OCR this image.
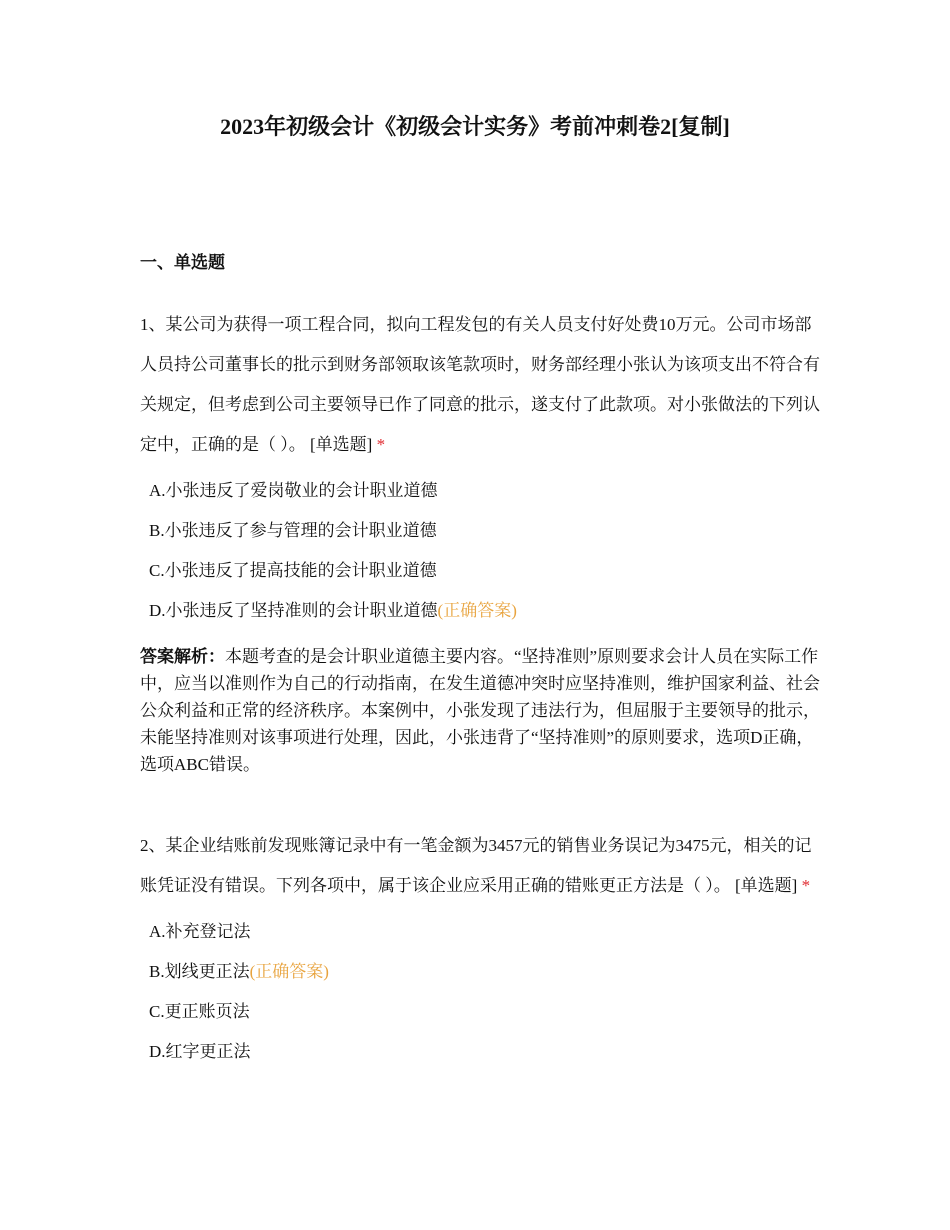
2023年初级会计《初级会计实务》考前冲刺卷2[复制]
一、单选题

1、某公司为获得一项工程合同，拟向工程发包的有关人员支付好处费10万元。公司市场部人员持公司董事长的批示到财务部领取该笔款项时，财务部经理小张认为该项支出不符合有关规定，但考虑到公司主要领导已作了同意的批示，遂支付了此款项。对小张做法的下列认定中，正确的是（ ）。 [单选题] *

A.小张违反了爱岗敬业的会计职业道德
B.小张违反了参与管理的会计职业道德
C.小张违反了提高技能的会计职业道德
D.小张违反了坚持准则的会计职业道德(正确答案)

答案解析：本题考查的是会计职业道德主要内容。“坚持准则”原则要求会计人员在实际工作中，应当以准则作为自己的行动指南，在发生道德冲突时应坚持准则，维护国家利益、社会公众利益和正常的经济秩序。本案例中，小张发现了违法行为，但屈服于主要领导的批示，未能坚持准则对该事项进行处理，因此，小张违背了“坚持准则”的原则要求，选项D正确，选项ABC错误。

2、某企业结账前发现账簿记录中有一笔金额为3457元的销售业务误记为3475元，相关的记账凭证没有错误。下列各项中，属于该企业应采用正确的错账更正方法是（ ）。 [单选题] *

A.补充登记法
B.划线更正法(正确答案)
C.更正账页法
D.红字更正法
